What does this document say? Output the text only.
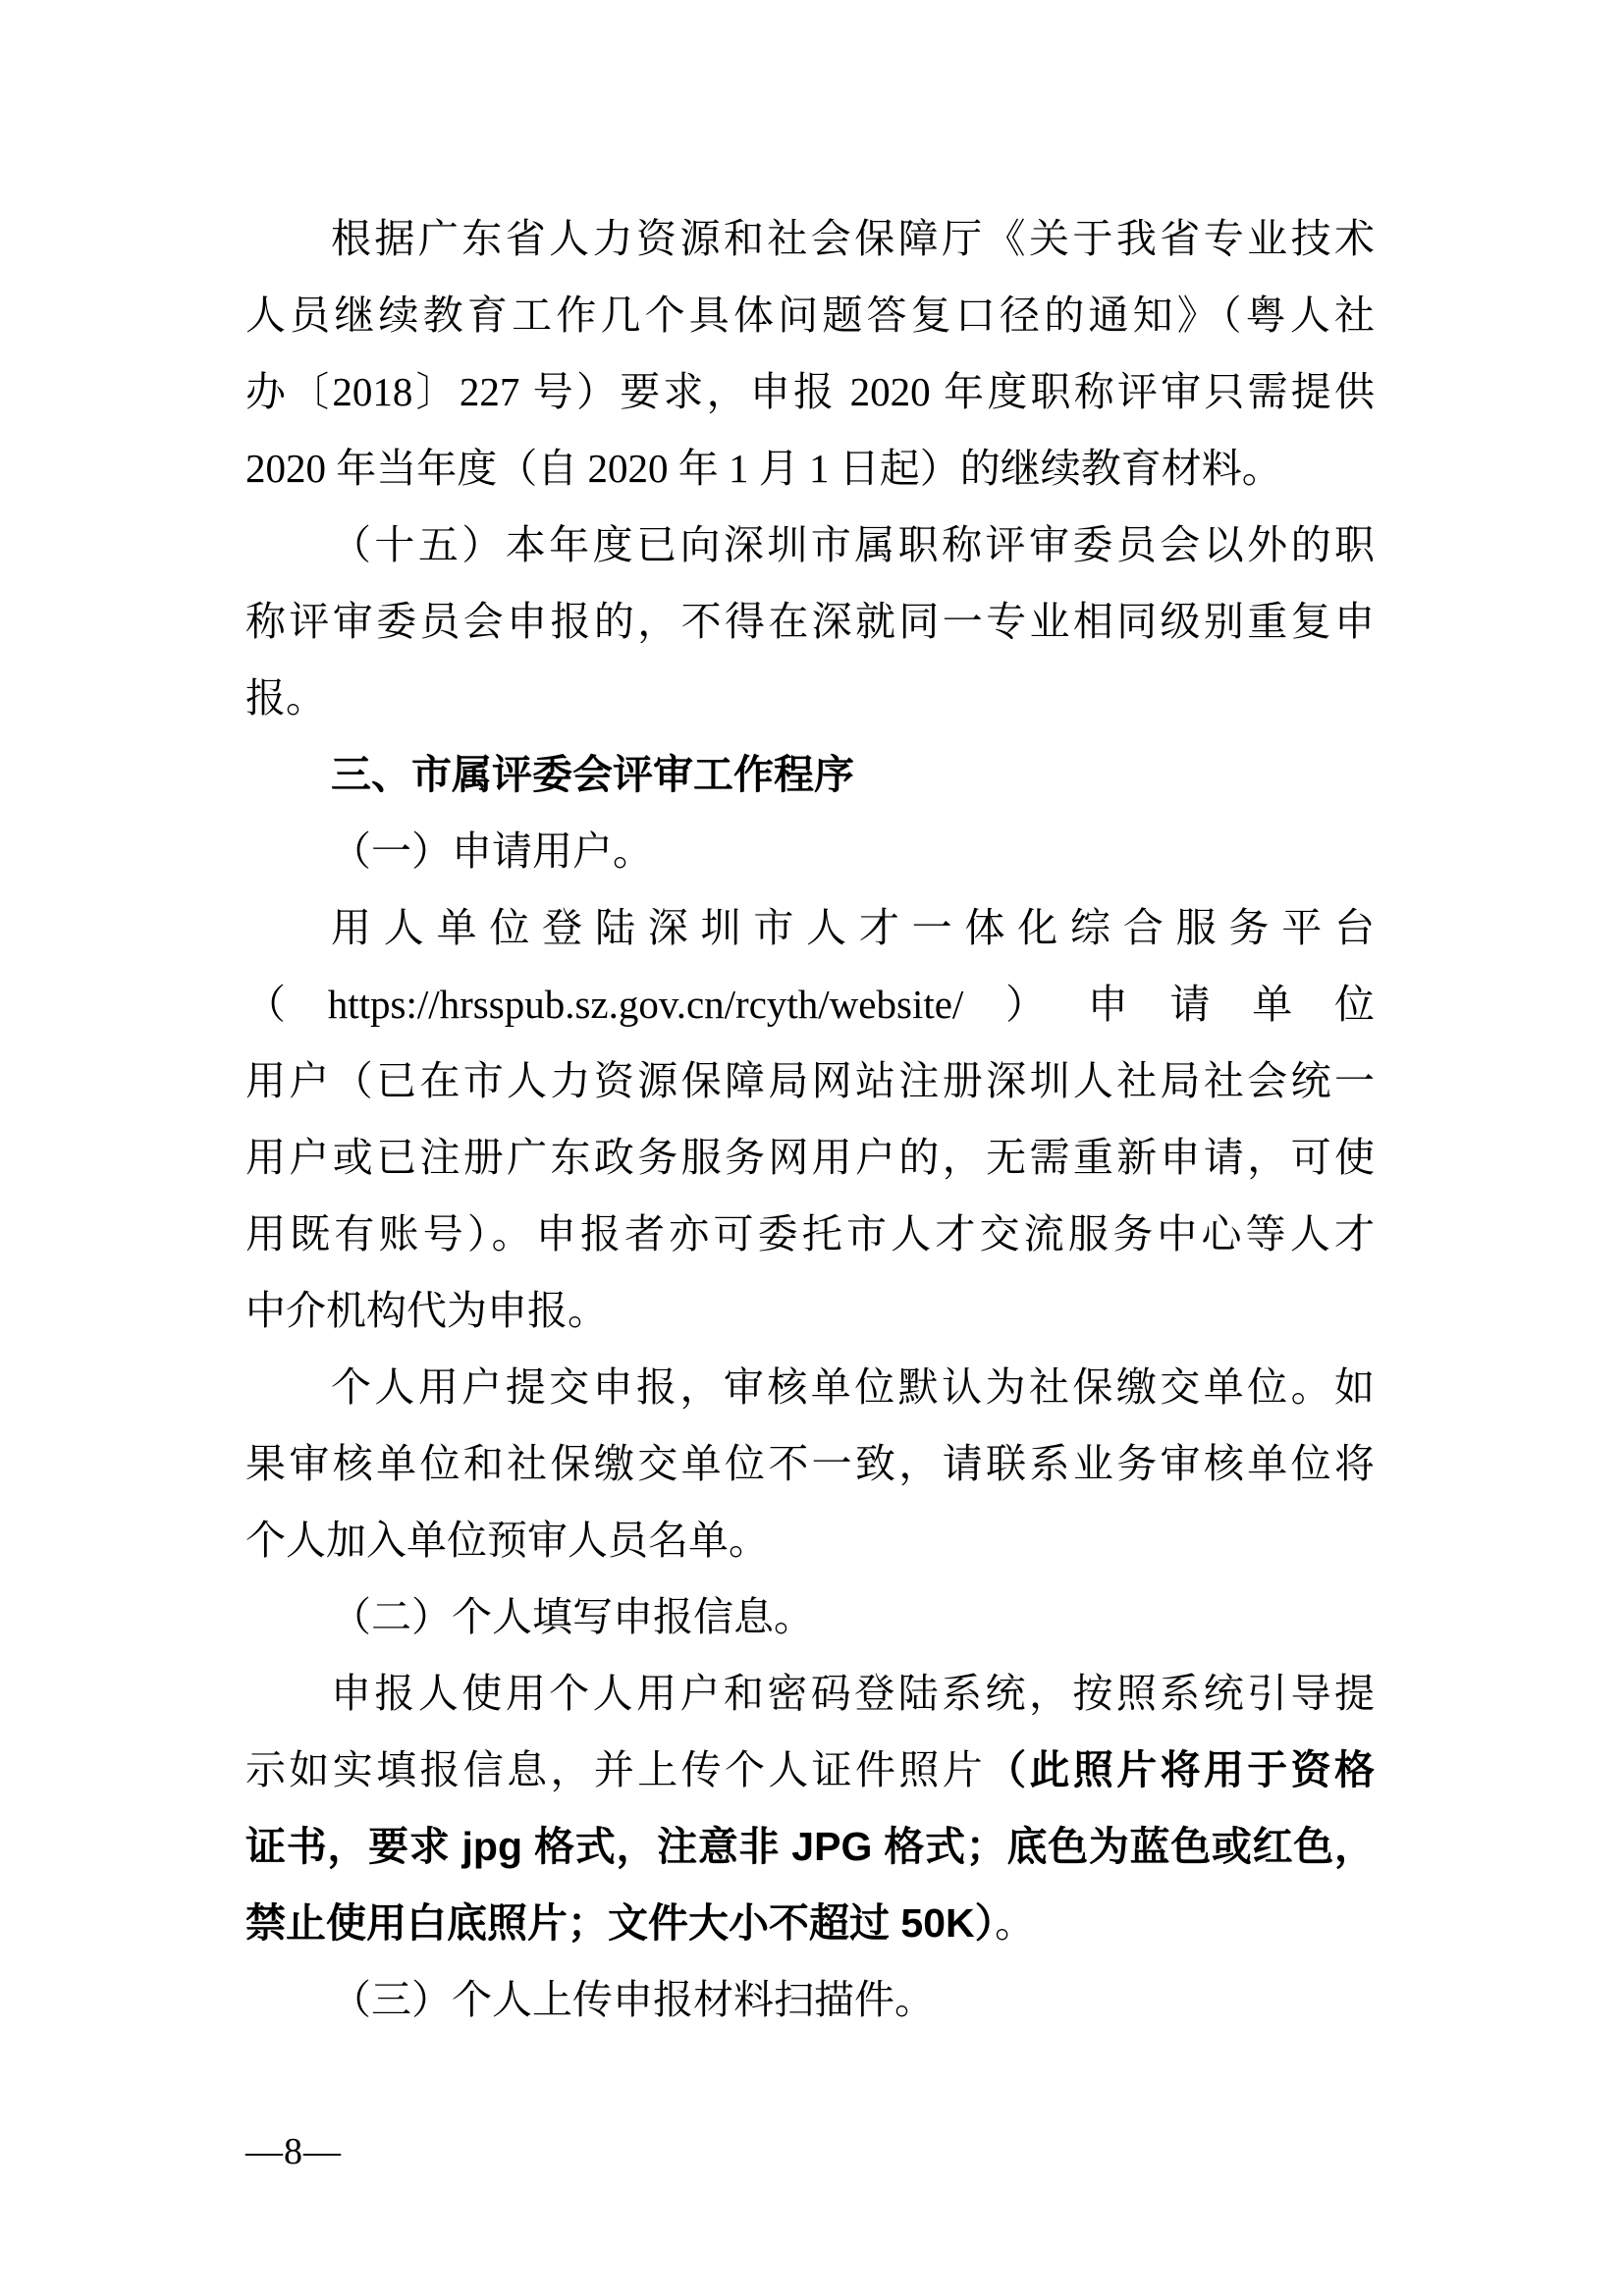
根据广东省人力资源和社会保障厅《关于我省专业技术
人员继续教育工作几个具体问题答复口径的通知》（粤人社
办〔2018〕227 号）要求，申报 2020 年度职称评审只需提供
2020 年当年度（自 2020 年 1 月 1 日起）的继续教育材料。
（十五）本年度已向深圳市属职称评审委员会以外的职
称评审委员会申报的，不得在深就同一专业相同级别重复申
报。
三、市属评委会评审工作程序
（一）申请用户。
用人单位登陆深圳市人才一体化综合服务平台
（https://hrsspub.sz.gov.cn/rcyth/website/）申请单位
用户（已在市人力资源保障局网站注册深圳人社局社会统一
用户或已注册广东政务服务网用户的，无需重新申请，可使
用既有账号）。申报者亦可委托市人才交流服务中心等人才
中介机构代为申报。
个人用户提交申报，审核单位默认为社保缴交单位。如
果审核单位和社保缴交单位不一致，请联系业务审核单位将
个人加入单位预审人员名单。
（二）个人填写申报信息。
申报人使用个人用户和密码登陆系统，按照系统引导提
示如实填报信息，并上传个人证件照片（此照片将用于资格
证书，要求 jpg 格式，注意非 JPG 格式；底色为蓝色或红色，
禁止使用白底照片；文件大小不超过 50K）。
（三）个人上传申报材料扫描件。
—8—
